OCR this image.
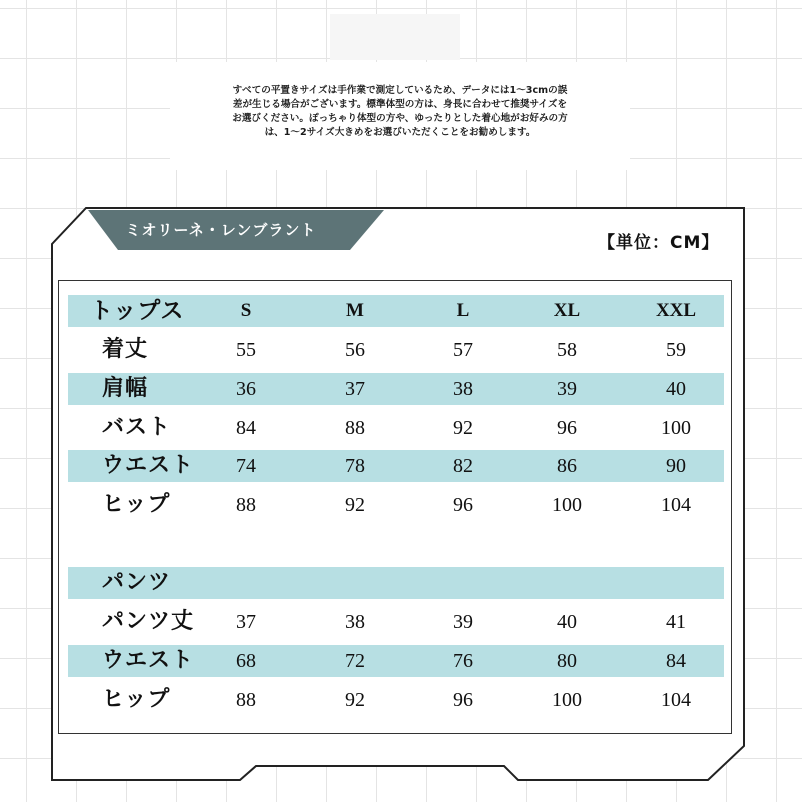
すべての平置きサイズは手作業で測定しているため、データには1～3cmの誤
差が生じる場合がございます。標準体型の方は、身長に合わせて推奨サイズを
お選びください。ぽっちゃり体型の方や、ゆったりとした着心地がお好みの方
は、1～2サイズ大きめをお選びいただくことをお勧めします。

ミオリーネ・レンブラント
【単位：CM】
トップス	S	M	L	XL	XXL
着丈	55	56	57	58	59
肩幅	36	37	38	39	40
バスト	84	88	92	96	100
ウエスト	74	78	82	86	90
ヒップ	88	92	96	100	104
パンツ
パンツ丈	37	38	39	40	41
ウエスト	68	72	76	80	84
ヒップ	88	92	96	100	104
